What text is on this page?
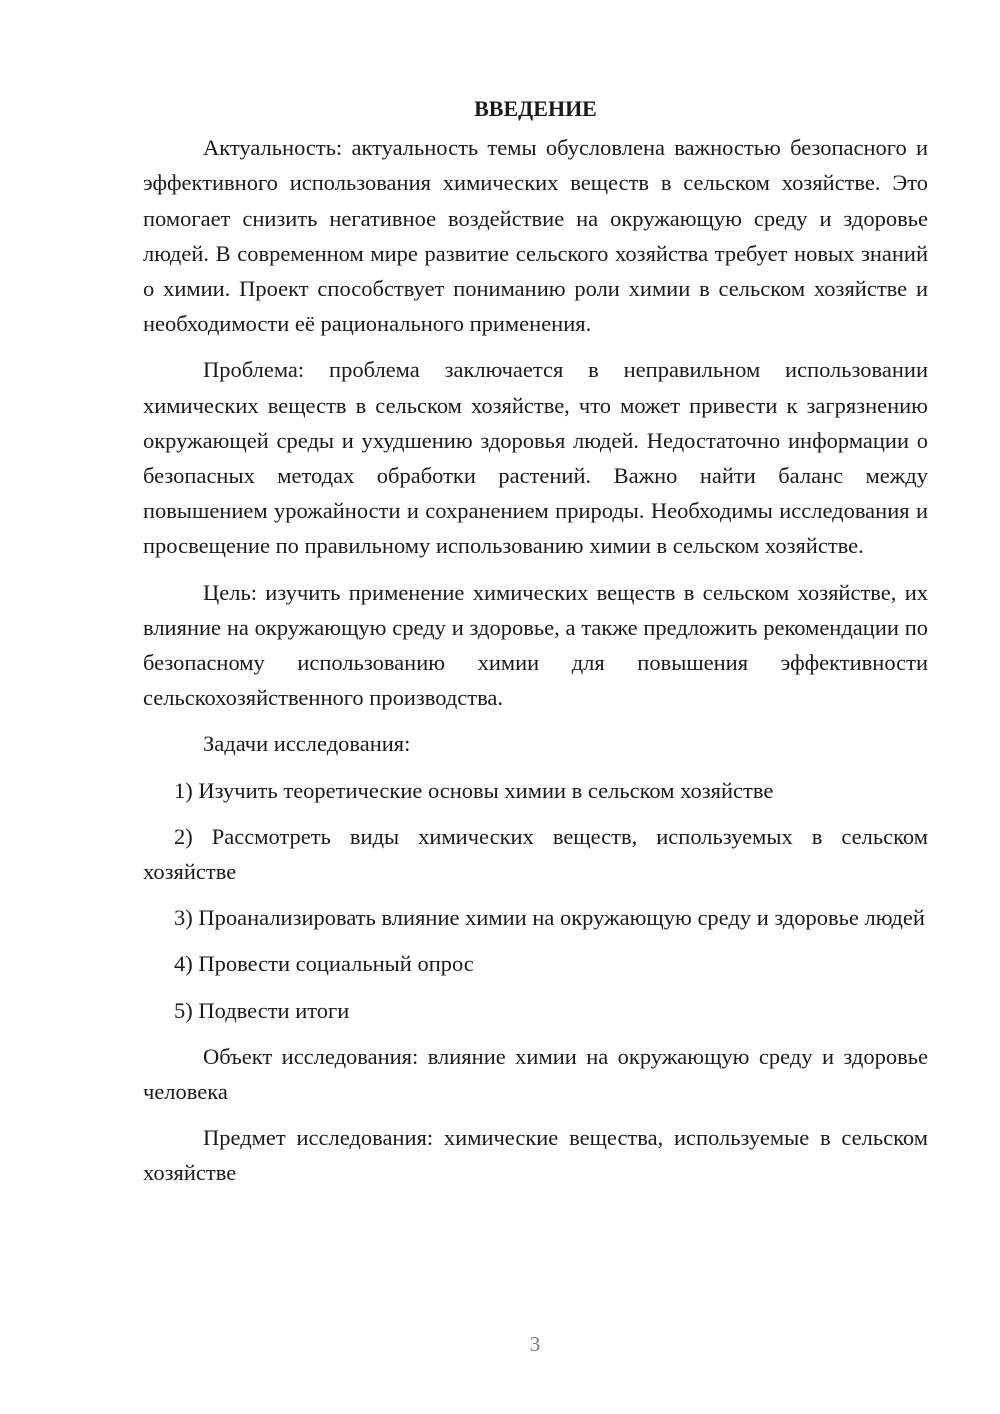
ВВЕДЕНИЕ

Актуальность: актуальность темы обусловлена важностью безопасного и эффективного использования химических веществ в сельском хозяйстве. Это помогает снизить негативное воздействие на окружающую среду и здоровье людей. В современном мире развитие сельского хозяйства требует новых знаний о химии. Проект способствует пониманию роли химии в сельском хозяйстве и необходимости её рационального применения.

Проблема: проблема заключается в неправильном использовании химических веществ в сельском хозяйстве, что может привести к загрязнению окружающей среды и ухудшению здоровья людей. Недостаточно информации о безопасных методах обработки растений. Важно найти баланс между повышением урожайности и сохранением природы. Необходимы исследования и просвещение по правильному использованию химии в сельском хозяйстве.

Цель: изучить применение химических веществ в сельском хозяйстве, их влияние на окружающую среду и здоровье, а также предложить рекомендации по безопасному использованию химии для повышения эффективности сельскохозяйственного производства.

Задачи исследования:

1) Изучить теоретические основы химии в сельском хозяйстве

2) Рассмотреть виды химических веществ, используемых в сельском хозяйстве

3) Проанализировать влияние химии на окружающую среду и здоровье людей

4) Провести социальный опрос

5) Подвести итоги

Объект исследования: влияние химии на окружающую среду и здоровье человека

Предмет исследования: химические вещества, используемые в сельском хозяйстве

3
